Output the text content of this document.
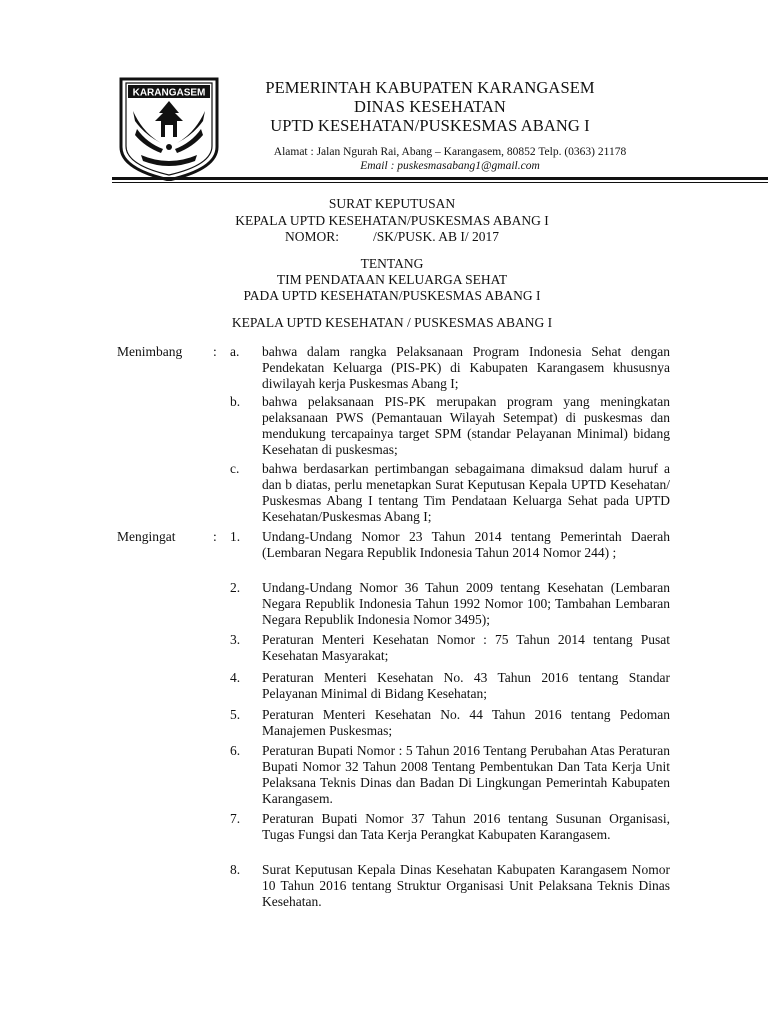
KARANGASEM	PEMERINTAH KABUPATEN KARANGASEM
DINAS KESEHATAN
UPTD KESEHATAN/PUSKESMAS ABANG I
Alamat : Jalan Ngurah Rai, Abang – Karangasem, 80852 Telp. (0363) 21178
Email : puskesmasabang1@gmail.com
SURAT KEPUTUSAN
KEPALA UPTD KESEHATAN/PUSKESMAS ABANG I
NOMOR:	/SK/PUSK. AB I/ 2017
TENTANG
TIM PENDATAAN KELUARGA SEHAT
PADA UPTD KESEHATAN/PUSKESMAS ABANG I
KEPALA UPTD KESEHATAN / PUSKESMAS ABANG I
Menimbang : a. bahwa dalam rangka Pelaksanaan Program Indonesia Sehat dengan Pendekatan Keluarga (PIS-PK) di Kabupaten Karangasem khususnya diwilayah kerja Puskesmas Abang I;
b. bahwa pelaksanaan PIS-PK merupakan program yang meningkatan pelaksanaan PWS (Pemantauan Wilayah Setempat) di puskesmas dan mendukung tercapainya target SPM (standar Pelayanan Minimal) bidang Kesehatan di puskesmas;
c. bahwa berdasarkan pertimbangan sebagaimana dimaksud dalam huruf a dan b diatas, perlu menetapkan Surat Keputusan Kepala UPTD Kesehatan/ Puskesmas Abang I tentang Tim Pendataan Keluarga Sehat pada UPTD Kesehatan/Puskesmas Abang I;
Mengingat	: 1. Undang-Undang Nomor 23 Tahun 2014 tentang Pemerintah Daerah (Lembaran Negara Republik Indonesia Tahun 2014 Nomor 244) ;
2. Undang-Undang Nomor 36 Tahun 2009 tentang Kesehatan (Lembaran Negara Republik Indonesia Tahun 1992 Nomor 100; Tambahan Lembaran Negara Republik Indonesia Nomor 3495);
3. Peraturan Menteri Kesehatan Nomor : 75 Tahun 2014 tentang Pusat Kesehatan Masyarakat;
4. Peraturan Menteri Kesehatan No. 43 Tahun 2016 tentang Standar Pelayanan Minimal di Bidang Kesehatan;
5. Peraturan Menteri Kesehatan No. 44 Tahun 2016 tentang Pedoman Manajemen Puskesmas;
6. Peraturan Bupati Nomor : 5 Tahun 2016 Tentang Perubahan Atas Peraturan Bupati Nomor 32 Tahun 2008 Tentang Pembentukan Dan Tata Kerja Unit Pelaksana Teknis Dinas dan Badan Di Lingkungan Pemerintah Kabupaten Karangasem.
7. Peraturan Bupati Nomor 37 Tahun 2016 tentang Susunan Organisasi, Tugas Fungsi dan Tata Kerja Perangkat Kabupaten Karangasem.
8. Surat Keputusan Kepala Dinas Kesehatan Kabupaten Karangasem Nomor 10 Tahun 2016 tentang Struktur Organisasi Unit Pelaksana Teknis Dinas Kesehatan.
